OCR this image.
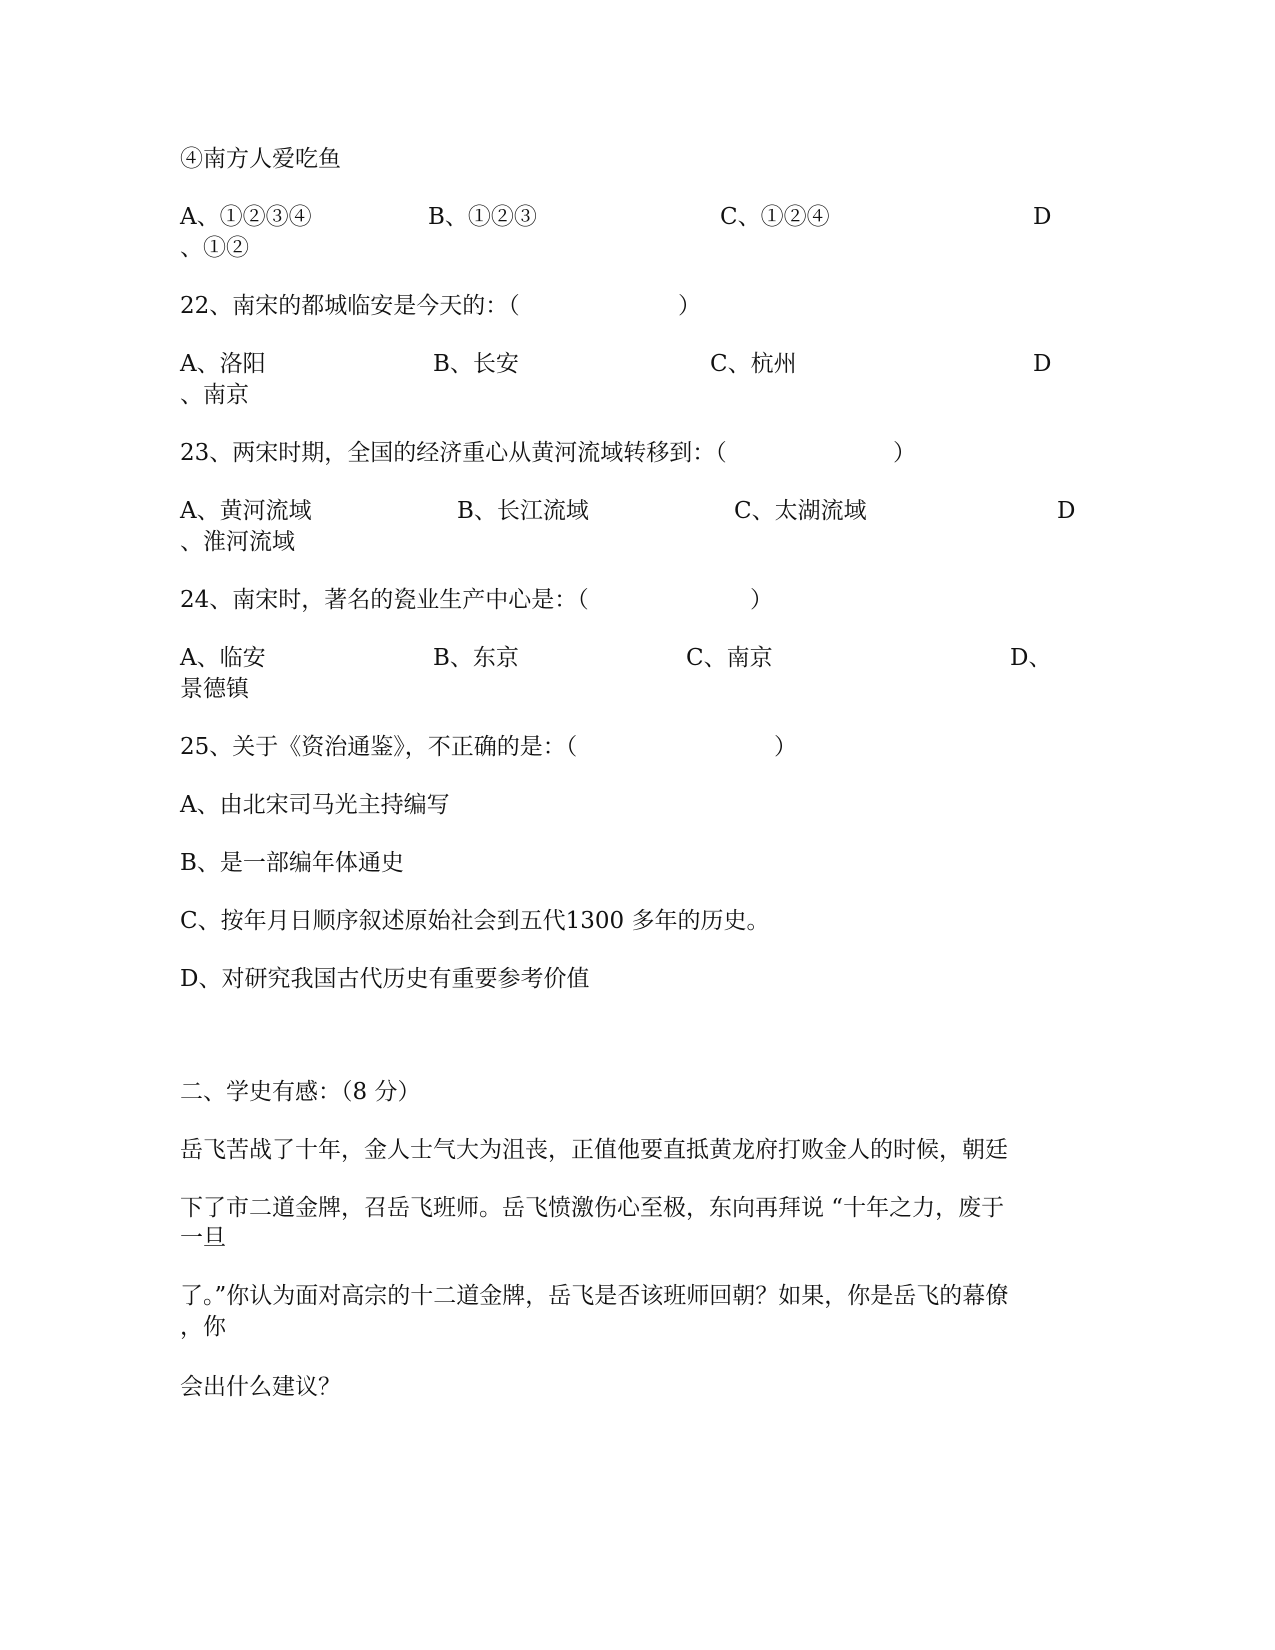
④南方人爱吃鱼
A、①②③④	B、①②③	C、①②④	D
、①②
22、南宋的都城临安是今天的：（	）
A、洛阳	B、长安	C、杭州	D
、南京
23、两宋时期，全国的经济重心从黄河流域转移到：（	）
A、黄河流域	B、长江流域	C、太湖流域	D
、淮河流域
24、南宋时，著名的瓷业生产中心是：（	）
A、临安	B、东京	C、南京	D、
景德镇
25、关于《资治通鉴》，不正确的是：（	）
A、由北宋司马光主持编写
B、是一部编年体通史
C、按年月日顺序叙述原始社会到五代1300 多年的历史。
D、对研究我国古代历史有重要参考价值
二、学史有感：（8 分）
岳飞苦战了十年，金人士气大为沮丧，正值他要直抵黄龙府打败金人的时候，朝廷
下了市二道金牌，召岳飞班师。岳飞愤激伤心至极，东向再拜说 “十年之力，废于
一旦
了。”你认为面对高宗的十二道金牌，岳飞是否该班师回朝？如果，你是岳飞的幕僚
，你
会出什么建议？
